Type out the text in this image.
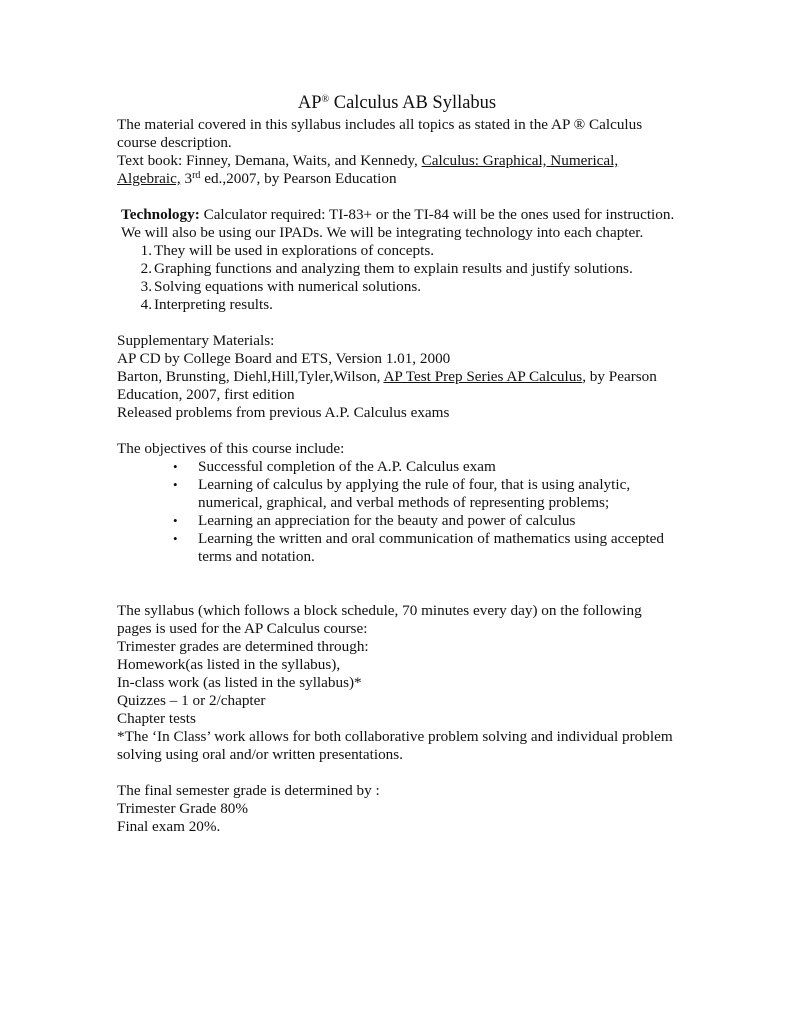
AP® Calculus AB Syllabus

The material covered in this syllabus includes all topics as stated in the AP ® Calculus course description.

Text book: Finney, Demana, Waits, and Kennedy, Calculus: Graphical, Numerical, Algebraic, 3rd ed.,2007, by Pearson Education

Technology: Calculator required: TI-83+ or the TI-84 will be the ones used for instruction. We will also be using our IPADs. We will be integrating technology into each chapter.

1. They will be used in explorations of concepts.
2. Graphing functions and analyzing them to explain results and justify solutions.
3. Solving equations with numerical solutions.
4. Interpreting results.

Supplementary Materials:

AP CD by College Board and ETS, Version 1.01, 2000

Barton, Brunsting, Diehl,Hill,Tyler,Wilson, AP Test Prep Series AP Calculus, by Pearson Education, 2007, first edition

Released problems from previous A.P. Calculus exams

The objectives of this course include:

• Successful completion of the A.P. Calculus exam
• Learning of calculus by applying the rule of four, that is using analytic, numerical, graphical, and verbal methods of representing problems;
• Learning an appreciation for the beauty and power of calculus
• Learning the written and oral communication of mathematics using accepted terms and notation.

The syllabus (which follows a block schedule, 70 minutes every day) on the following pages is used for the AP Calculus course:

Trimester grades are determined through:

Homework(as listed in the syllabus),

In-class work (as listed in the syllabus)*

Quizzes – 1 or 2/chapter

Chapter tests

*The ‘In Class’ work allows for both collaborative problem solving and individual problem solving using oral and/or written presentations.

The final semester grade is determined by :

Trimester Grade 80%

Final exam 20%.
